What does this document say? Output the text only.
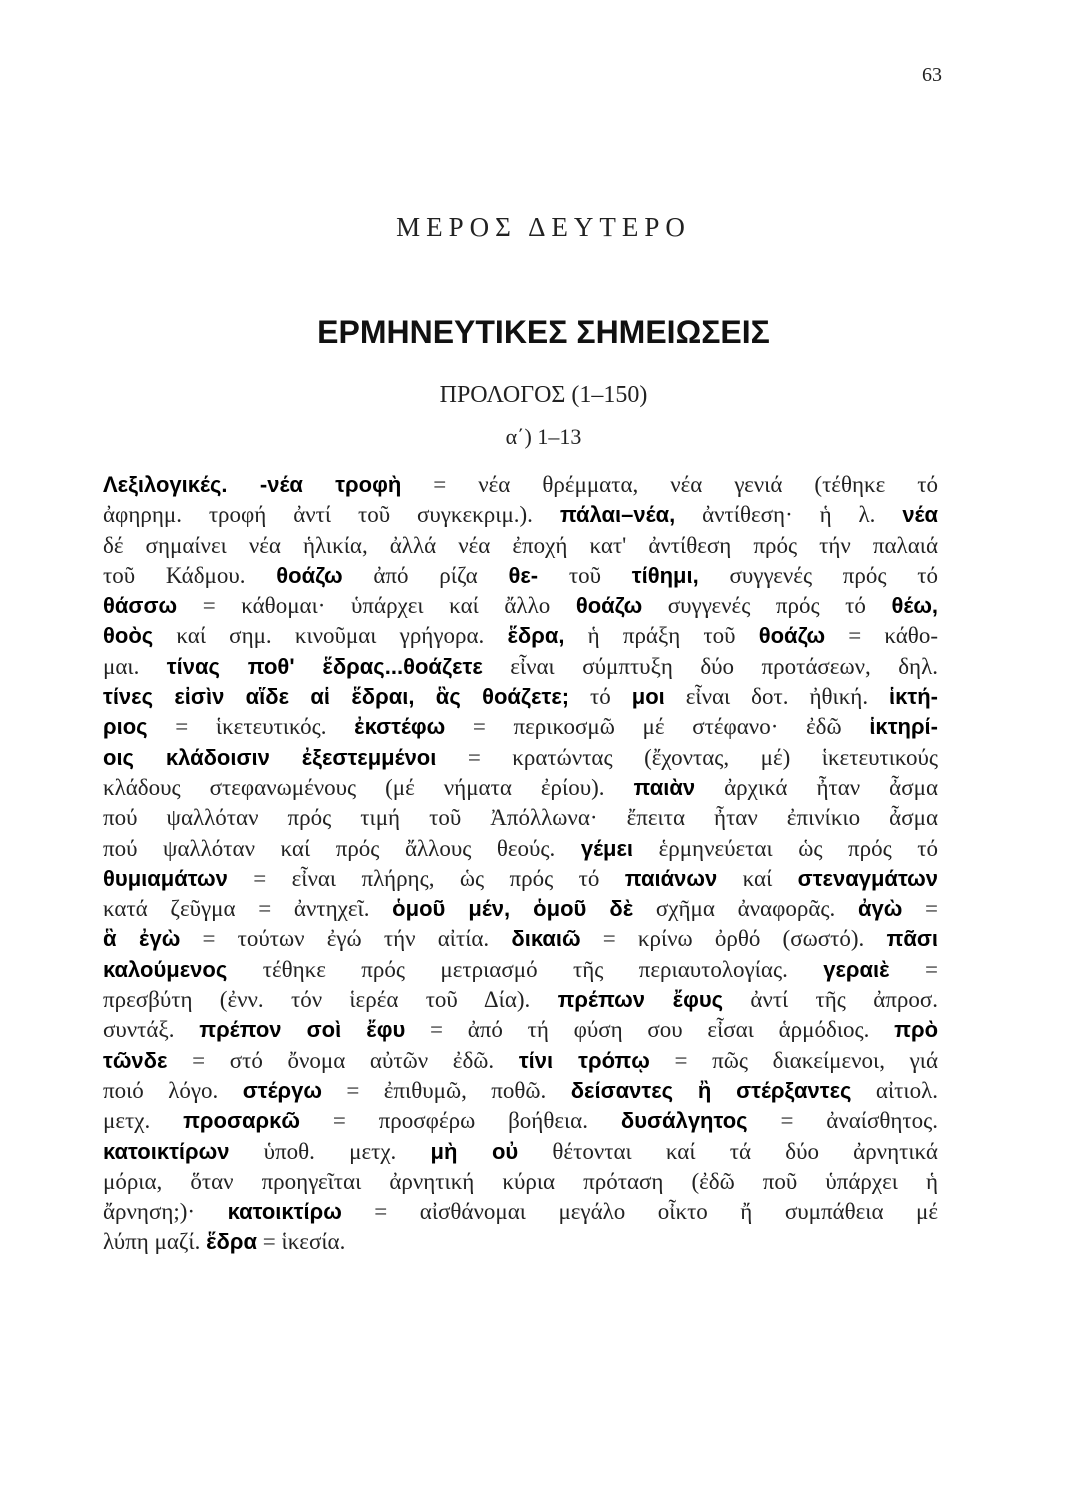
63
ΜΕΡΟΣ ΔΕΥΤΕΡΟ
ΕΡΜΗΝΕΥΤΙΚΕΣ ΣΗΜΕΙΩΣΕΙΣ
ΠΡΟΛΟΓΟΣ (1–150)
α΄) 1–13
Λεξιλογικές. -νέα τροφὴ = νέα θρέμματα, νέα γενιά (τέθηκε τό
ἀφηρημ. τροφή ἀντί τοῦ συγκεκριμ.). πάλαι–νέα, ἀντίθεση· ἡ λ. νέα
δέ σημαίνει νέα ἡλικία, ἀλλά νέα ἐποχή κατ' ἀντίθεση πρός τήν παλαιά
τοῦ Κάδμου. θοάζω ἀπό ρίζα θε- τοῦ τίθημι, συγγενές πρός τό
θάσσω = κάθομαι· ὑπάρχει καί ἄλλο θοάζω συγγενές πρός τό θέω,
θοὸς καί σημ. κινοῦμαι γρήγορα. ἕδρα, ἡ πράξη τοῦ θοάζω = κάθο-
μαι. τίνας ποθ' ἕδρας...θοάζετε εἶναι σύμπτυξη δύο προτάσεων, δηλ.
τίνες εἰσὶν αἵδε αἱ ἕδραι, ἃς θοάζετε; τό μοι εἶναι δοτ. ἠθική. ἱκτή-
ριος = ἱκετευτικός. ἐκστέφω = περικοσμῶ μέ στέφανο· ἐδῶ ἱκτηρί-
οις κλάδοισιν ἐξεστεμμένοι = κρατώντας (ἔχοντας, μέ) ἱκετευτικούς
κλάδους στεφανωμένους (μέ νήματα ἐρίου). παιὰν ἀρχικά ἦταν ἆσμα
πού ψαλλόταν πρός τιμή τοῦ Ἀπόλλωνα· ἔπειτα ἦταν ἐπινίκιο ἆσμα
πού ψαλλόταν καί πρός ἄλλους θεούς. γέμει ἑρμηνεύεται ὡς πρός τό
θυμιαμάτων = εἶναι πλήρης, ὡς πρός τό παιάνων καί στεναγμάτων
κατά ζεῦγμα = ἀντηχεῖ. ὁμοῦ μέν, ὁμοῦ δὲ σχῆμα ἀναφορᾶς. ἀγὼ =
ἃ ἐγὼ = τούτων ἐγώ τήν αἰτία. δικαιῶ = κρίνω ὀρθό (σωστό). πᾶσι
καλούμενος τέθηκε πρός μετριασμό τῆς περιαυτολογίας. γεραιὲ =
πρεσβύτη (ἐνν. τόν ἱερέα τοῦ Δία). πρέπων ἔφυς ἀντί τῆς ἀπροσ.
συντάξ. πρέπον σοὶ ἔφυ = ἀπό τή φύση σου εἶσαι ἁρμόδιος. πρὸ
τῶνδε = στό ὄνομα αὐτῶν ἐδῶ. τίνι τρόπῳ = πῶς διακείμενοι, γιά
ποιό λόγο. στέργω = ἐπιθυμῶ, ποθῶ. δείσαντες ἢ στέρξαντες αἰτιολ.
μετχ. προσαρκῶ = προσφέρω βοήθεια. δυσάλγητος = ἀναίσθητος.
κατοικτίρων ὑποθ. μετχ. μὴ οὐ θέτονται καί τά δύο ἀρνητικά
μόρια, ὅταν προηγεῖται ἀρνητική κύρια πρόταση (ἐδῶ ποῦ ὑπάρχει ἡ
ἄρνηση;)· κατοικτίρω = αἰσθάνομαι μεγάλο οἶκτο ἤ συμπάθεια μέ
λύπη μαζί. ἕδρα = ἱκεσία.
